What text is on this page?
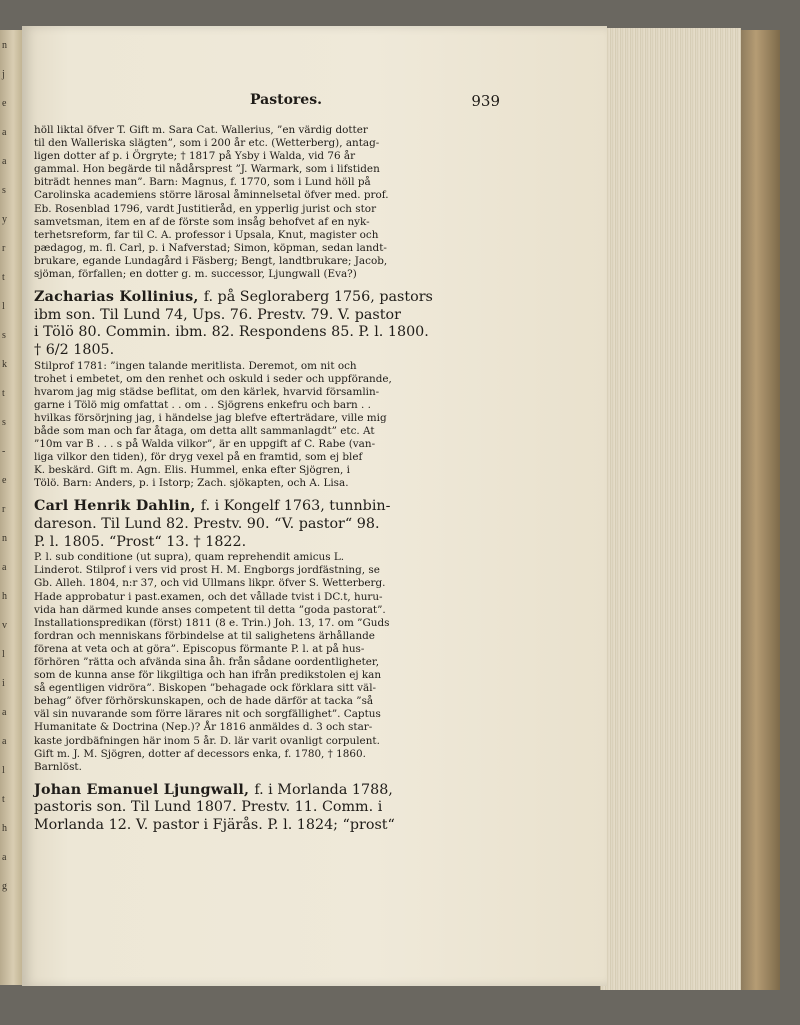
Pastores.	939
n
j
e
a
a
s
y
r
t
l
s
k
t
s
-
e
r
n
a
h
v
l
i
a
a
l
t
h
a
g
höll liktal öfver T. Gift m. Sara Cat. Wallerius, ”en värdig dotter
til den Walleriska slägten”, som i 200 år etc. (Wetterberg), antag-
ligen dotter af p. i Örgryte; † 1817 på Ysby i Walda, vid 76 år
gammal. Hon begärde til nådårsprest ”J. Warmark, som i lifstiden
biträdt hennes man”. Barn: Magnus, f. 1770, som i Lund höll på
Carolinska academiens större lärosal åminnelsetal öfver med. prof.
Eb. Rosenblad 1796, vardt Justitieråd, en ypperlig jurist och stor
samvetsman, item en af de förste som insåg behofvet af en nyk-
terhetsreform, far til C. A. professor i Upsala, Knut, magister och
pædagog, m. fl. Carl, p. i Nafverstad; Simon, köpman, sedan landt-
brukare, egande Lundagård i Fäsberg; Bengt, landtbrukare; Jacob,
sjöman, förfallen; en dotter g. m. successor, Ljungwall (Eva?)
Zacharias Kollinius, f. på Segloraberg 1756, pastors
ibm son. Til Lund 74, Ups. 76. Prestv. 79. V. pastor
i Tölö 80. Commin. ibm. 82. Respondens 85. P. l. 1800.
† 6/2 1805.
Stilprof 1781: ”ingen talande meritlista. Deremot, om nit och
trohet i embetet, om den renhet och oskuld i seder och uppförande,
hvarom jag mig städse beflitat, om den kärlek, hvarvid församlin-
garne i Tölö mig omfattat . . om . . Sjögrens enkefru och barn . .
hvilkas försörjning jag, i händelse jag blefve efterträdare, ville mig
både som man och far åtaga, om detta allt sammanlagdt” etc. At
”10m var B . . . s på Walda vilkor”, är en uppgift af C. Rabe (van-
liga vilkor den tiden), för dryg vexel på en framtid, som ej blef
K. beskärd. Gift m. Agn. Elis. Hummel, enka efter Sjögren, i
Tölö. Barn: Anders, p. i Istorp; Zach. sjökapten, och A. Lisa.
Carl Henrik Dahlin, f. i Kongelf 1763, tunnbin-
dareson. Til Lund 82. Prestv. 90. “V. pastor“ 98.
P. l. 1805. “Prost“ 13. † 1822.
P. l. sub conditione (ut supra), quam reprehendit amicus L.
Linderot. Stilprof i vers vid prost H. M. Engborgs jordfästning, se
Gb. Alleh. 1804, n:r 37, och vid Ullmans likpr. öfver S. Wetterberg.
Hade approbatur i past.examen, och det vållade tvist i DC.t, huru-
vida han därmed kunde anses competent til detta ”goda pastorat”.
Installationspredikan (först) 1811 (8 e. Trin.) Joh. 13, 17. om ”Guds
fordran och menniskans förbindelse at til salighetens ärhållande
förena at veta och at göra”. Episcopus förmante P. l. at på hus-
förhören ”rätta och afvända sina åh. från sådane oordentligheter,
som de kunna anse för likgiltiga och han ifrån predikstolen ej kan
så egentligen vidröra”. Biskopen ”behagade ock förklara sitt väl-
behag” öfver förhörskunskapen, och de hade därför at tacka ”så
väl sin nuvarande som förre lärares nit och sorgfällighet”. Captus
Humanitate & Doctrina (Nep.)? År 1816 anmäldes d. 3 och star-
kaste jordbäfningen här inom 5 år. D. lär varit ovanligt corpulent.
Gift m. J. M. Sjögren, dotter af decessors enka, f. 1780, † 1860.
Barnlöst.
Johan Emanuel Ljungwall, f. i Morlanda 1788,
pastoris son. Til Lund 1807. Prestv. 11. Comm. i
Morlanda 12. V. pastor i Fjärås. P. l. 1824; “prost“
